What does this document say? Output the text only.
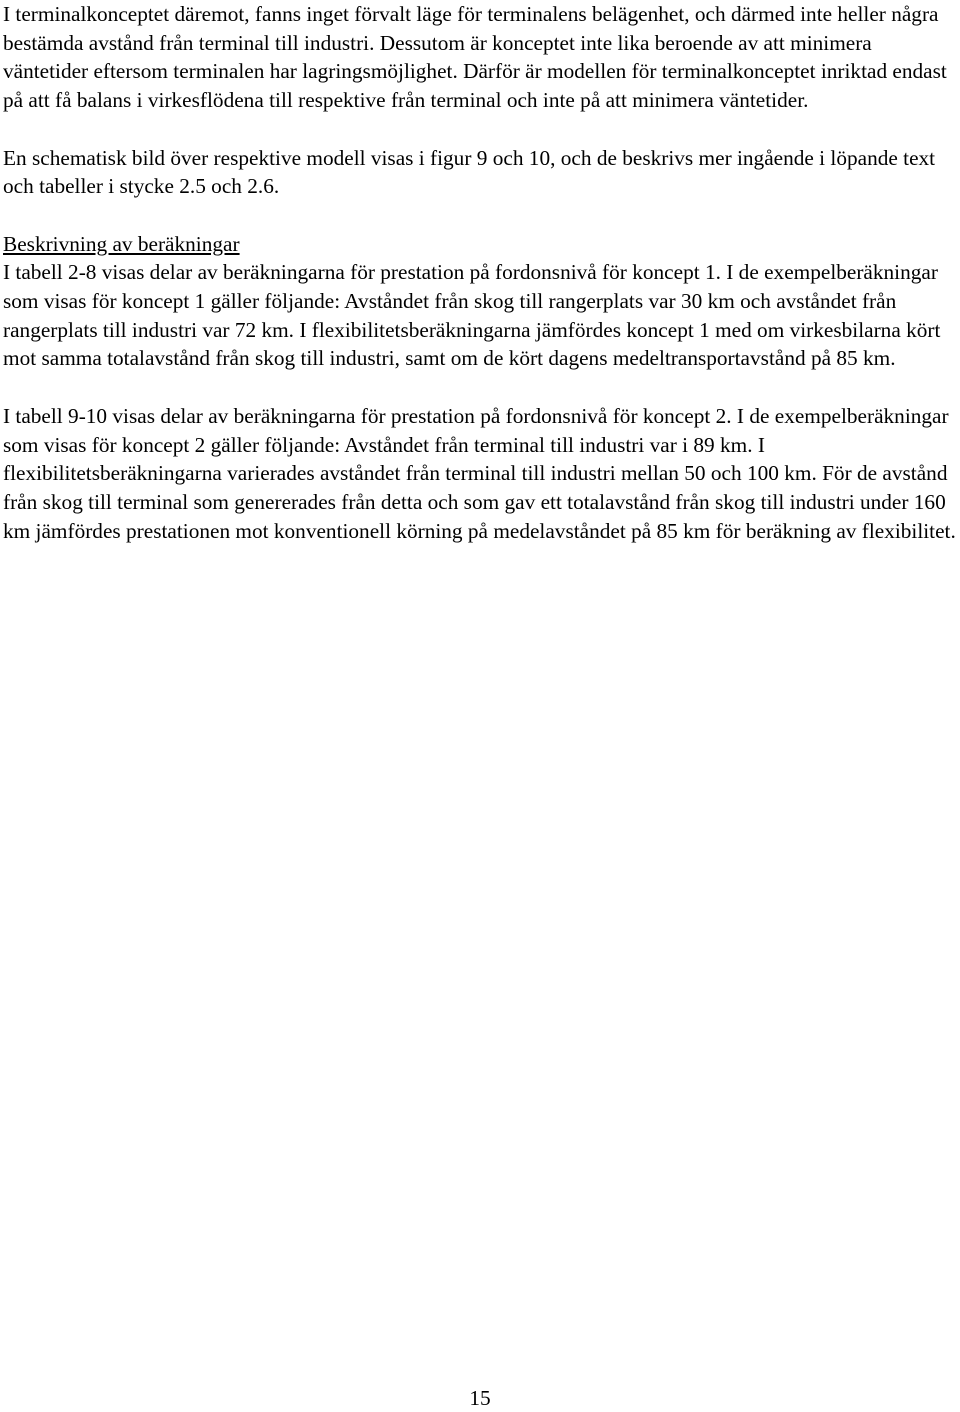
I terminalkonceptet däremot, fanns inget förvalt läge för terminalens belägenhet, och därmed inte heller några bestämda avstånd från terminal till industri. Dessutom är konceptet inte lika beroende av att minimera väntetider eftersom terminalen har lagringsmöjlighet. Därför är modellen för terminalkonceptet inriktad endast på att få balans i virkesflödena till respektive från terminal och inte på att minimera väntetider.

En schematisk bild över respektive modell visas i figur 9 och 10, och de beskrivs mer ingående i löpande text och tabeller i stycke 2.5 och 2.6.

Beskrivning av beräkningar

I tabell 2-8 visas delar av beräkningarna för prestation på fordonsnivå för koncept 1. I de exempelberäkningar som visas för koncept 1 gäller följande: Avståndet från skog till rangerplats var 30 km och avståndet från rangerplats till industri var 72 km. I flexibilitetsberäkningarna jämfördes koncept 1 med om virkesbilarna kört mot samma totalavstånd från skog till industri, samt om de kört dagens medeltransportavstånd på 85 km.

I tabell 9-10 visas delar av beräkningarna för prestation på fordonsnivå för koncept 2. I de exempelberäkningar som visas för koncept 2 gäller följande: Avståndet från terminal till industri var i 89 km. I flexibilitetsberäkningarna varierades avståndet från terminal till industri mellan 50 och 100 km. För de avstånd från skog till terminal som genererades från detta och som gav ett totalavstånd från skog till industri under 160 km jämfördes prestationen mot konventionell körning på medelavståndet på 85 km för beräkning av flexibilitet.

15
